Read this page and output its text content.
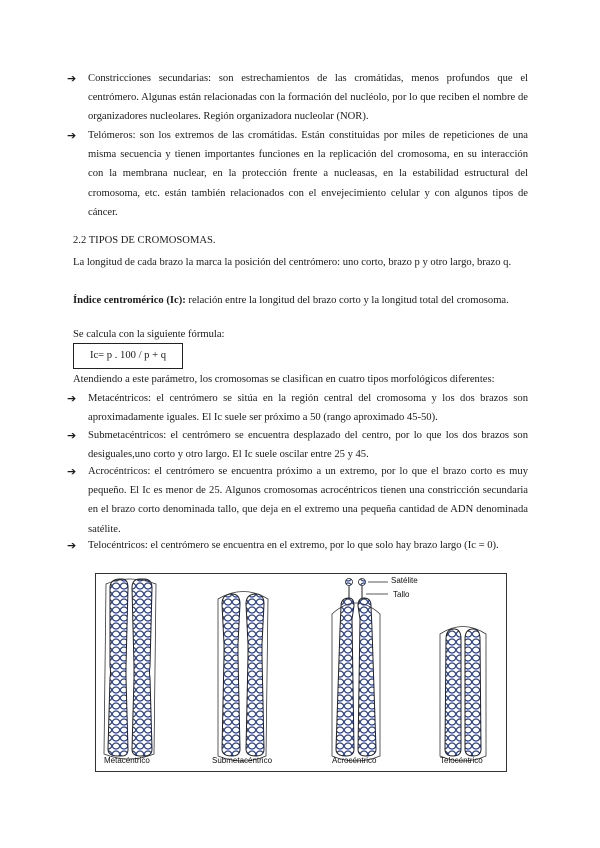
➔ Constricciones secundarias: son estrechamientos de las cromátidas, menos profundos que el centrómero. Algunas están relacionadas con la formación del nucléolo, por lo que reciben el nombre de organizadores nucleolares. Región organizadora nucleolar (NOR).
➔ Telómeros: son los extremos de las cromátidas. Están constituidas por miles de repeticiones de una misma secuencia y tienen importantes funciones en la replicación del cromosoma, en su interacción con la membrana nuclear, en la protección frente a nucleasas, en la estabilidad estructural del cromosoma, etc. están también relacionados con el envejecimiento celular y con algunos tipos de cáncer.
2.2 TIPOS DE CROMOSOMAS.
La longitud de cada brazo la marca la posición del centrómero: uno corto, brazo p y otro largo, brazo q.
Índice centromérico (Ic): relación entre la longitud del brazo corto y la longitud total del cromosoma.
Se calcula con la siguiente fórmula:
Ic= p . 100 / p + q
Atendiendo a este parámetro, los cromosomas se clasifican en cuatro tipos morfológicos diferentes:
➔ Metacéntricos: el centrómero se sitúa en la región central del cromosoma y los dos brazos son aproximadamente iguales. El Ic suele ser próximo a 50 (rango aproximado 45-50).
➔ Submetacéntricos: el centrómero se encuentra desplazado del centro, por lo que los dos brazos son desiguales,uno corto y otro largo. El Ic suele oscilar entre 25 y 45.
➔ Acrocéntricos: el centrómero se encuentra próximo a un extremo, por lo que el brazo corto es muy pequeño. El Ic es menor de 25. Algunos cromosomas acrocéntricos tienen una constricción secundaria en el brazo corto denominada tallo, que deja en el extremo una pequeña cantidad de ADN denominada satélite.
➔ Telocéntricos: el centrómero se encuentra en el extremo, por lo que solo hay brazo largo (Ic = 0).
Satélite
Tallo
Metacéntrico	Submetacéntrico	Acrocéntrico	Telocéntrico
